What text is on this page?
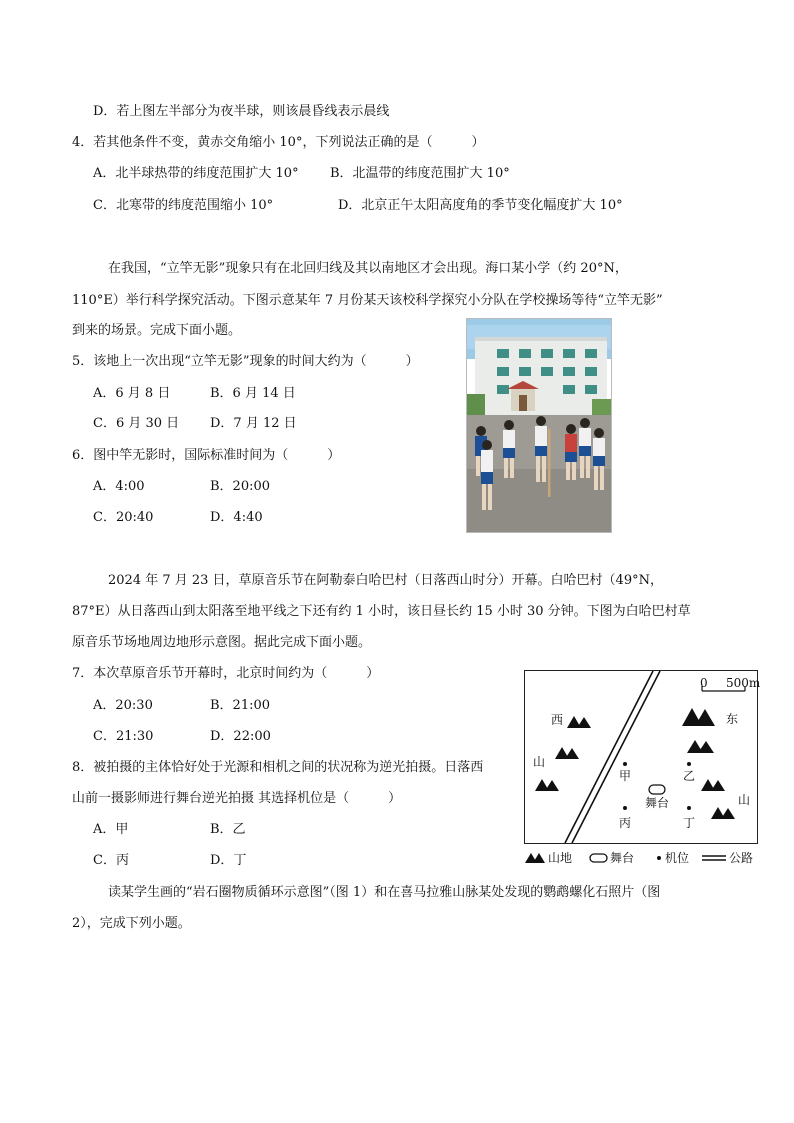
D．若上图左半部分为夜半球，则该晨昏线表示晨线
4．若其他条件不变，黄赤交角缩小 10°，下列说法正确的是（　　　）
A．北半球热带的纬度范围扩大 10° B．北温带的纬度范围扩大 10°
C．北寒带的纬度范围缩小 10°	D．北京正午太阳高度角的季节变化幅度扩大 10°
在我国，“立竿无影”现象只有在北回归线及其以南地区才会出现。海口某小学（约 20°N，
110°E）举行科学探究活动。下图示意某年 7 月份某天该校科学探究小分队在学校操场等待“立竿无影”
到来的场景。完成下面小题。
5．该地上一次出现“立竿无影”现象的时间大约为（　　　）
A．6 月 8 日	B．6 月 14 日
C．6 月 30 日 D．7 月 12 日
6．图中竿无影时，国际标准时间为（　　　）
A．4:00	B．20:00
C．20:40	D．4:40
2024 年 7 月 23 日，草原音乐节在阿勒泰白哈巴村（日落西山时分）开幕。白哈巴村（49°N，
87°E）从日落西山到太阳落至地平线之下还有约 1 小时，该日昼长约 15 小时 30 分钟。下图为白哈巴村草
原音乐节场地周边地形示意图。据此完成下面小题。
7．本次草原音乐节开幕时，北京时间约为（　　　）
A．20:30	B．21:00
C．21:30	D．22:00
8．被拍摄的主体恰好处于光源和相机之间的状况称为逆光拍摄。日落西
山前一摄影师进行舞台逆光拍摄 其选择机位是（　　　）
A．甲	B．乙
C．丙	D．丁
0 500m
西
山
东
山
甲	乙
丙	丁
舞台
山地	舞台	机位	公路
读某学生画的“岩石圈物质循环示意图”（图 1）和在喜马拉雅山脉某处发现的鹦鹉螺化石照片（图
2），完成下列小题。
